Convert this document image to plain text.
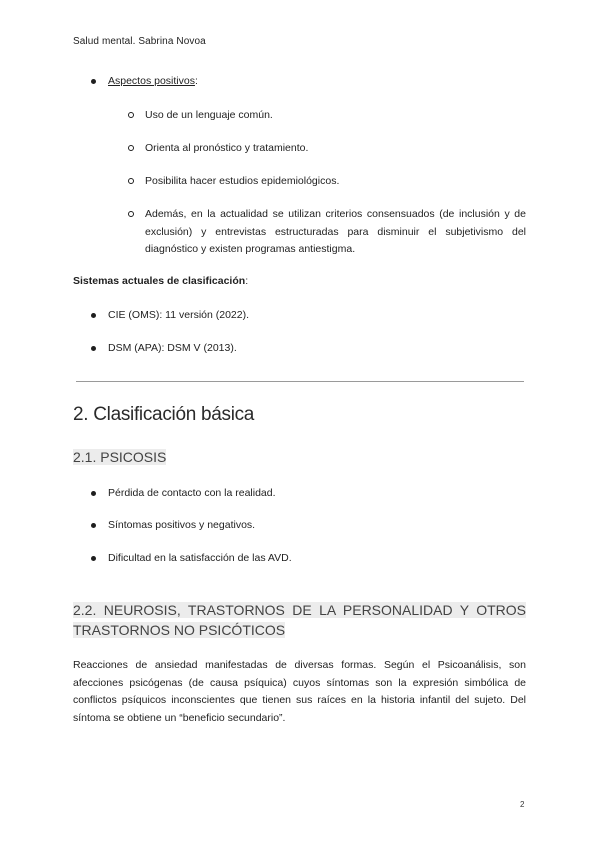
Salud mental. Sabrina Novoa
Aspectos positivos:
Uso de un lenguaje común.
Orienta al pronóstico y tratamiento.
Posibilita hacer estudios epidemiológicos.
Además, en la actualidad se utilizan criterios consensuados (de inclusión y de exclusión) y entrevistas estructuradas para disminuir el subjetivismo del diagnóstico y existen programas antiestigma.
Sistemas actuales de clasificación:
CIE (OMS): 11 versión (2022).
DSM (APA): DSM V (2013).
2. Clasificación básica
2.1. PSICOSIS
Pérdida de contacto con la realidad.
Síntomas positivos y negativos.
Dificultad en la satisfacción de las AVD.
2.2. NEUROSIS, TRASTORNOS DE LA PERSONALIDAD Y OTROS TRASTORNOS NO PSICÓTICOS
Reacciones de ansiedad manifestadas de diversas formas. Según el Psicoanálisis, son afecciones psicógenas (de causa psíquica) cuyos síntomas son la expresión simbólica de conflictos psíquicos inconscientes que tienen sus raíces en la historia infantil del sujeto. Del síntoma se obtiene un “beneficio secundario”.
2
